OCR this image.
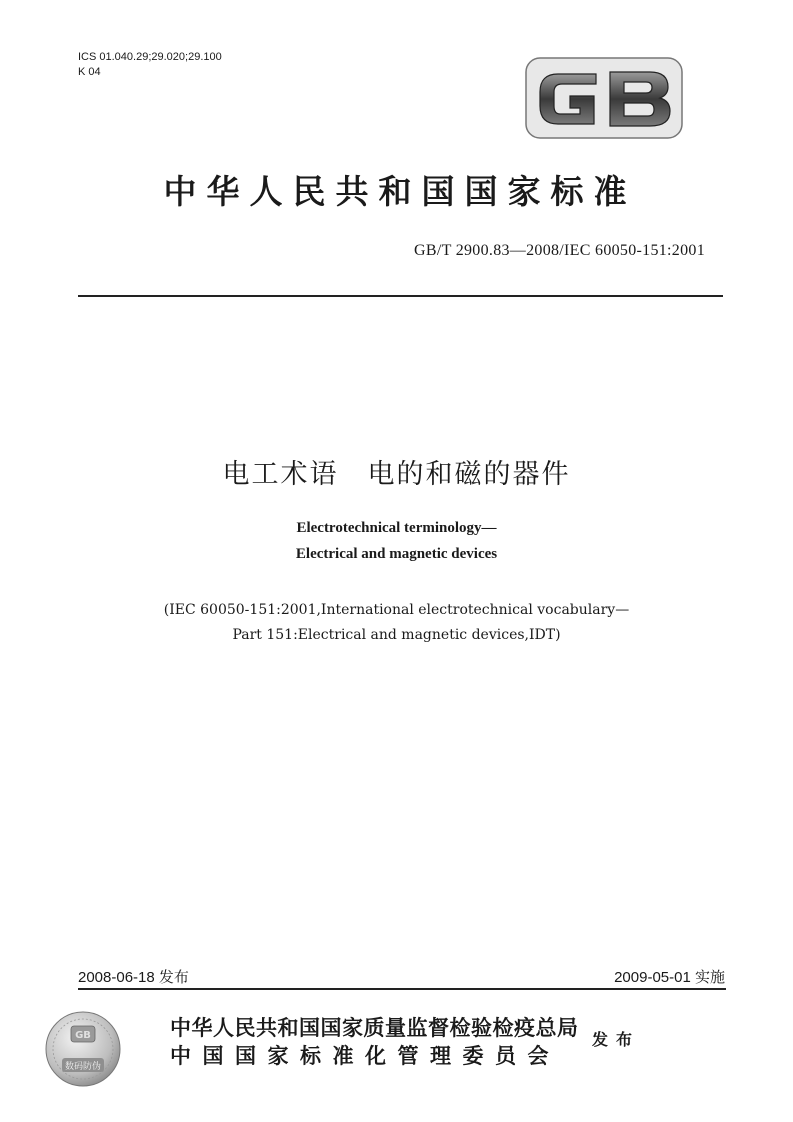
ICS 01.040.29;29.020;29.100
K 04
中华人民共和国国家标准
GB/T 2900.83—2008/IEC 60050-151:2001
电工术语　电的和磁的器件
Electrotechnical terminology—
Electrical and magnetic devices
(IEC 60050-151:2001,International electrotechnical vocabulary—
Part 151:Electrical and magnetic devices,IDT)
2008-06-18 发布	2009-05-01 实施
GB
数码防伪
中华人民共和国国家质量监督检验检疫总局
中国国家标准化管理委员会
发布
